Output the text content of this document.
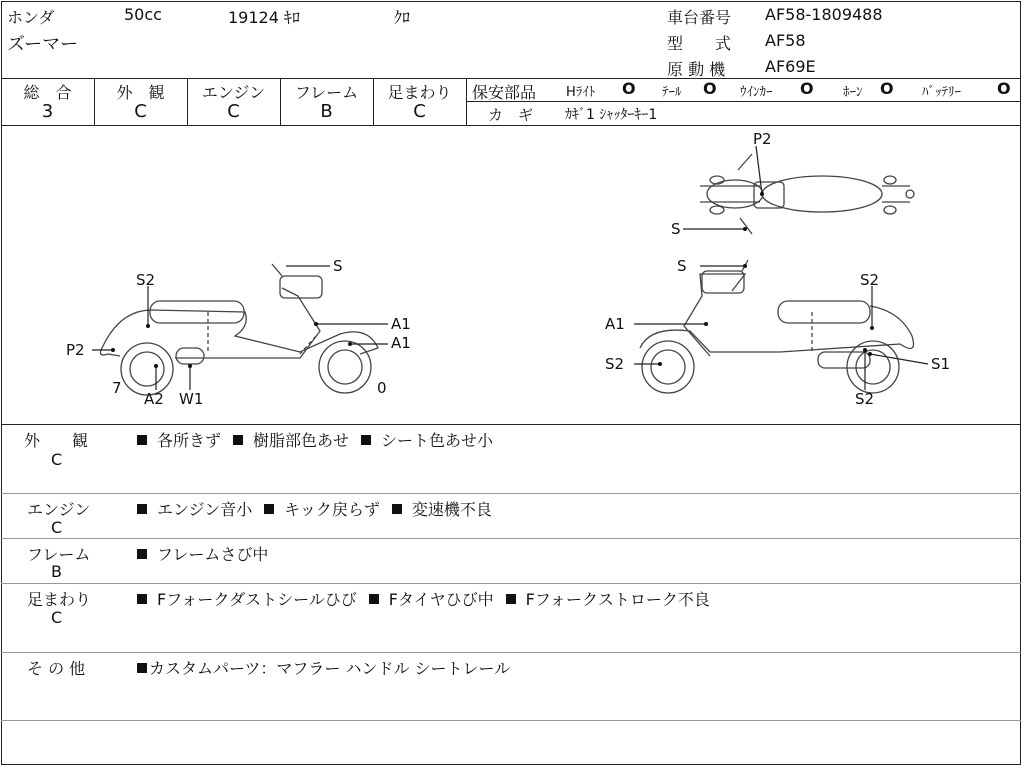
ホンダ	50cc	19124 ｷﾛ	ｸﾛ
ズーマー
車台番号 AF58-1809488
型　　式 AF58
原 動 機 AF69E
総　合
3
外　観
C
エンジン
C
フレーム
B
足まわり
C
保安部品 Hﾗｲﾄ O ﾃｰﾙ O ｳｲﾝｶｰ O ﾎｰﾝ O ﾊﾞｯﾃﾘｰ O
カ　ギ ｶｷﾞ1 ｼｬｯﾀｰｷｰ1
P2
S
S2
S
A1
A1
P2
7
A2 W1
0
S
S2
A1
S2	S1
S2
外　　観
C
各所きず 樹脂部色あせ シート色あせ小
エンジン
C
エンジン音小 キック戻らず 変速機不良
フレーム
B
フレームさび中
足まわり
C
Fフォークダストシールひび Fタイヤひび中 Fフォークストローク不良
そ の 他	カスタムパーツ：マフラー ハンドル シートレール
